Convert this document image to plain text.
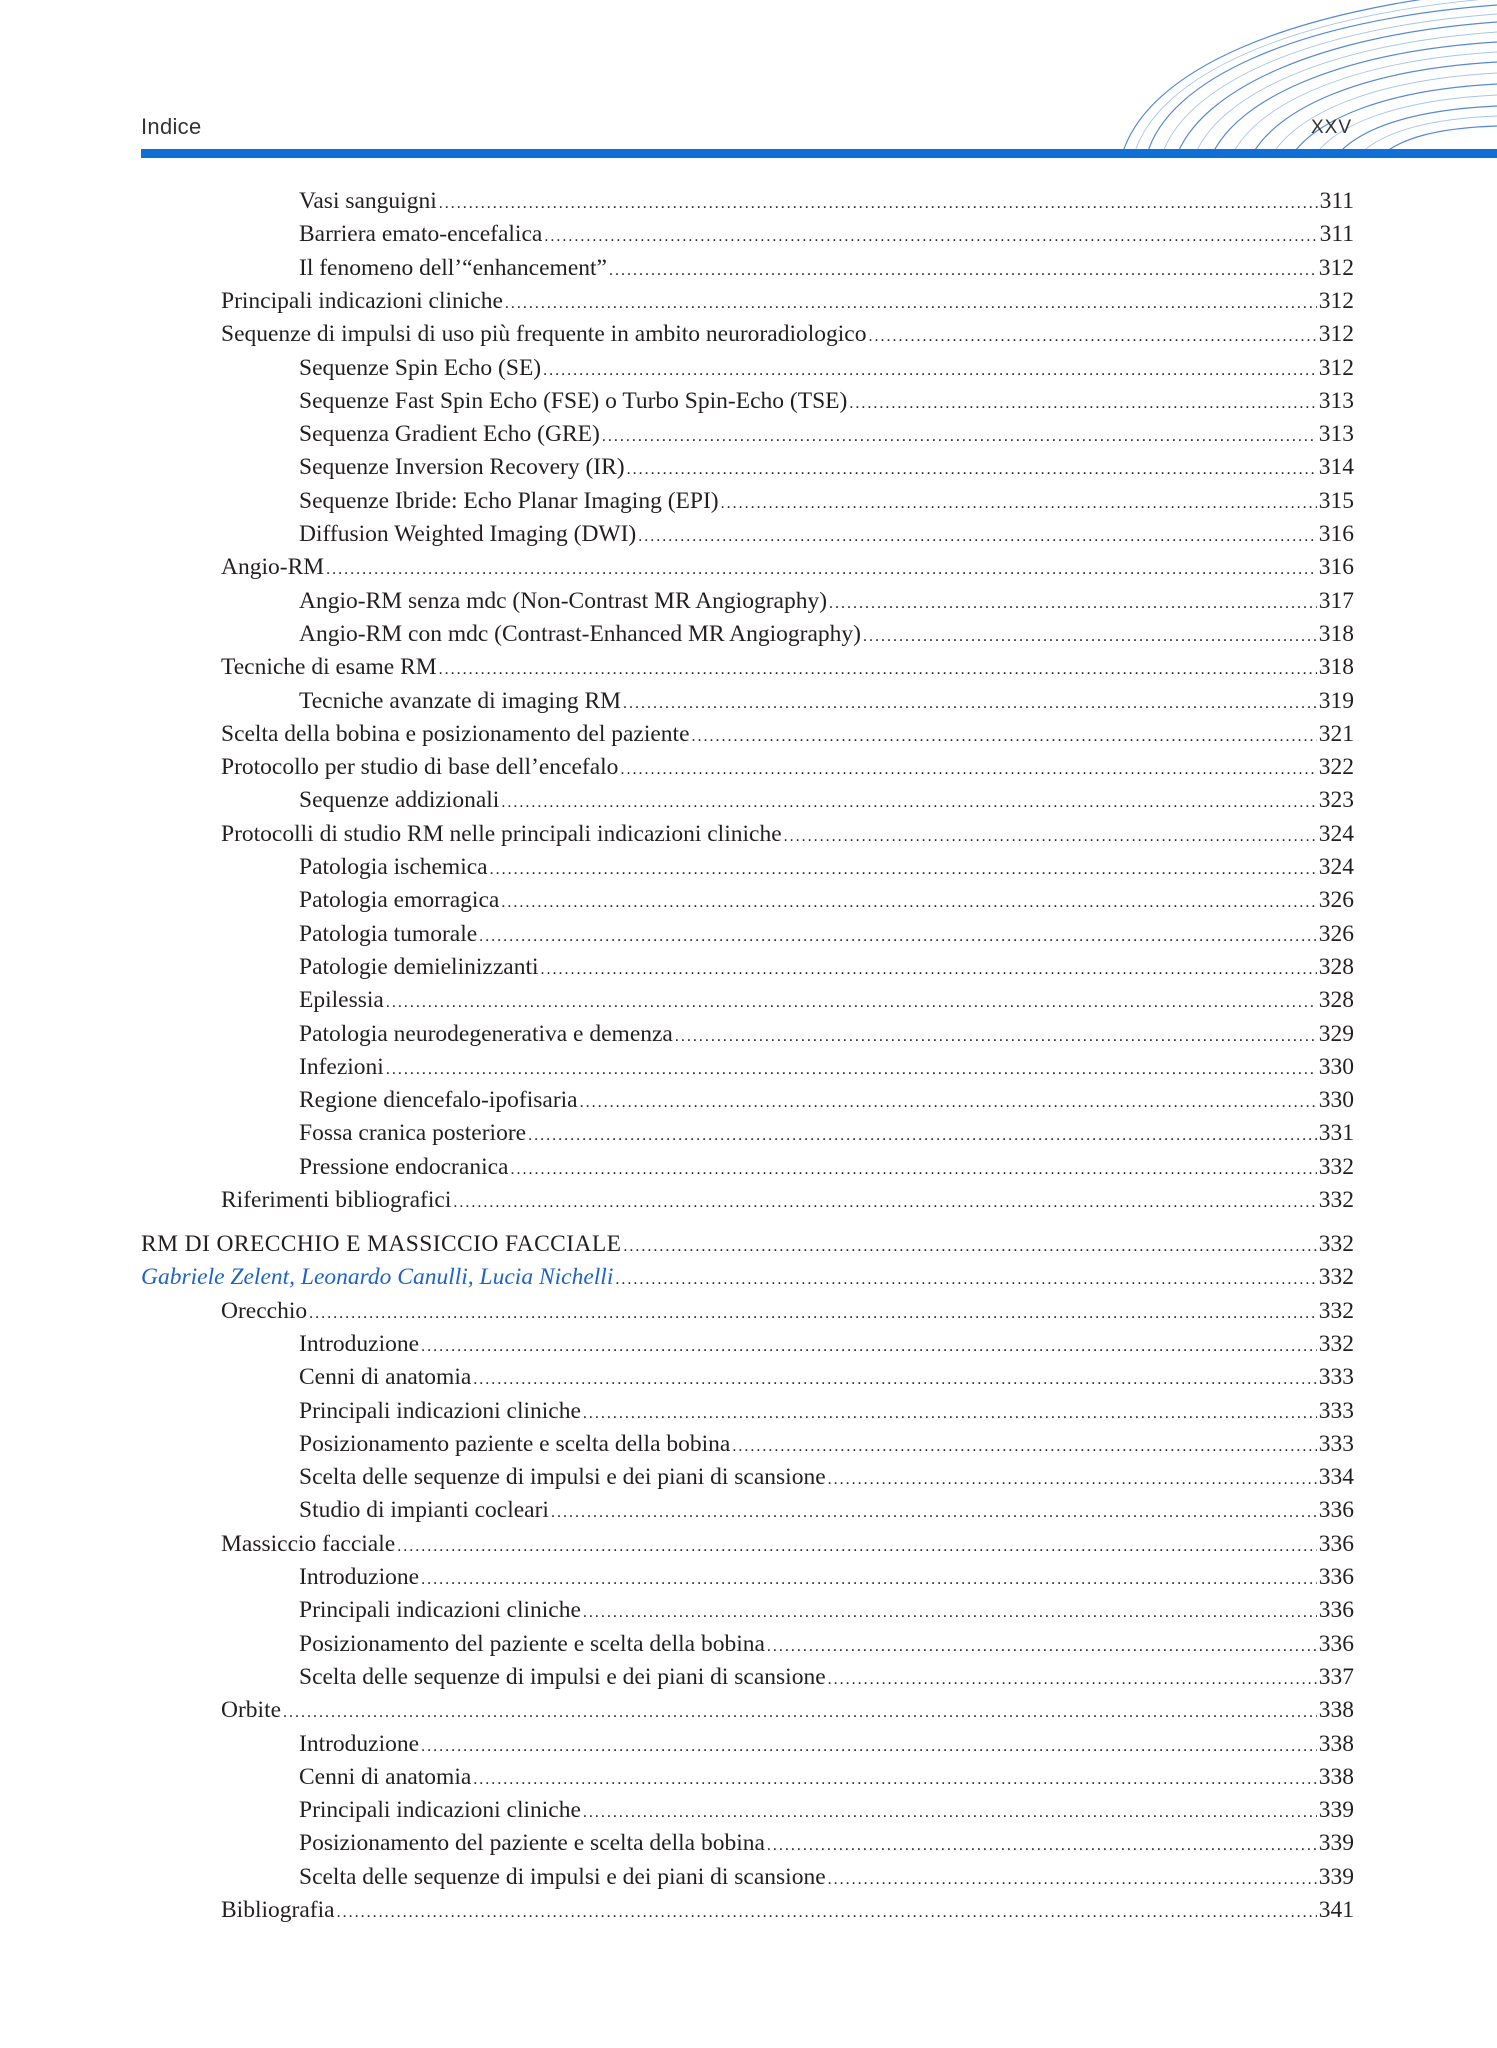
Indice	XXV
Vasi sanguigni .....	311
Barriera emato-encefalica .....	311
Il fenomeno dell’“enhancement” .....	312
Principali indicazioni cliniche .....	312
Sequenze di impulsi di uso più frequente in ambito neuroradiologico .....	312
Sequenze Spin Echo (SE) .....	312
Sequenze Fast Spin Echo (FSE) o Turbo Spin-Echo (TSE) .....	313
Sequenza Gradient Echo (GRE) .....	313
Sequenze Inversion Recovery (IR) .....	314
Sequenze Ibride: Echo Planar Imaging (EPI) .....	315
Diffusion Weighted Imaging (DWI) .....	316
Angio-RM .....	316
Angio-RM senza mdc (Non-Contrast MR Angiography) .....	317
Angio-RM con mdc (Contrast-Enhanced MR Angiography) .....	318
Tecniche di esame RM .....	318
Tecniche avanzate di imaging RM .....	319
Scelta della bobina e posizionamento del paziente .....	321
Protocollo per studio di base dell’encefalo .....	322
Sequenze addizionali .....	323
Protocolli di studio RM nelle principali indicazioni cliniche .....	324
Patologia ischemica .....	324
Patologia emorragica .....	326
Patologia tumorale .....	326
Patologie demielinizzanti .....	328
Epilessia .....	328
Patologia neurodegenerativa e demenza .....	329
Infezioni .....	330
Regione diencefalo-ipofisaria .....	330
Fossa cranica posteriore .....	331
Pressione endocranica .....	332
Riferimenti bibliografici .....	332
RM DI ORECCHIO E MASSICCIO FACCIALE .....	332
Gabriele Zelent, Leonardo Canulli, Lucia Nichelli .....	332
Orecchio .....	332
Introduzione .....	332
Cenni di anatomia .....	333
Principali indicazioni cliniche .....	333
Posizionamento paziente e scelta della bobina .....	333
Scelta delle sequenze di impulsi e dei piani di scansione .....	334
Studio di impianti cocleari .....	336
Massiccio facciale .....	336
Introduzione .....	336
Principali indicazioni cliniche .....	336
Posizionamento del paziente e scelta della bobina .....	336
Scelta delle sequenze di impulsi e dei piani di scansione .....	337
Orbite .....	338
Introduzione .....	338
Cenni di anatomia .....	338
Principali indicazioni cliniche .....	339
Posizionamento del paziente e scelta della bobina .....	339
Scelta delle sequenze di impulsi e dei piani di scansione .....	339
Bibliografia .....	341
